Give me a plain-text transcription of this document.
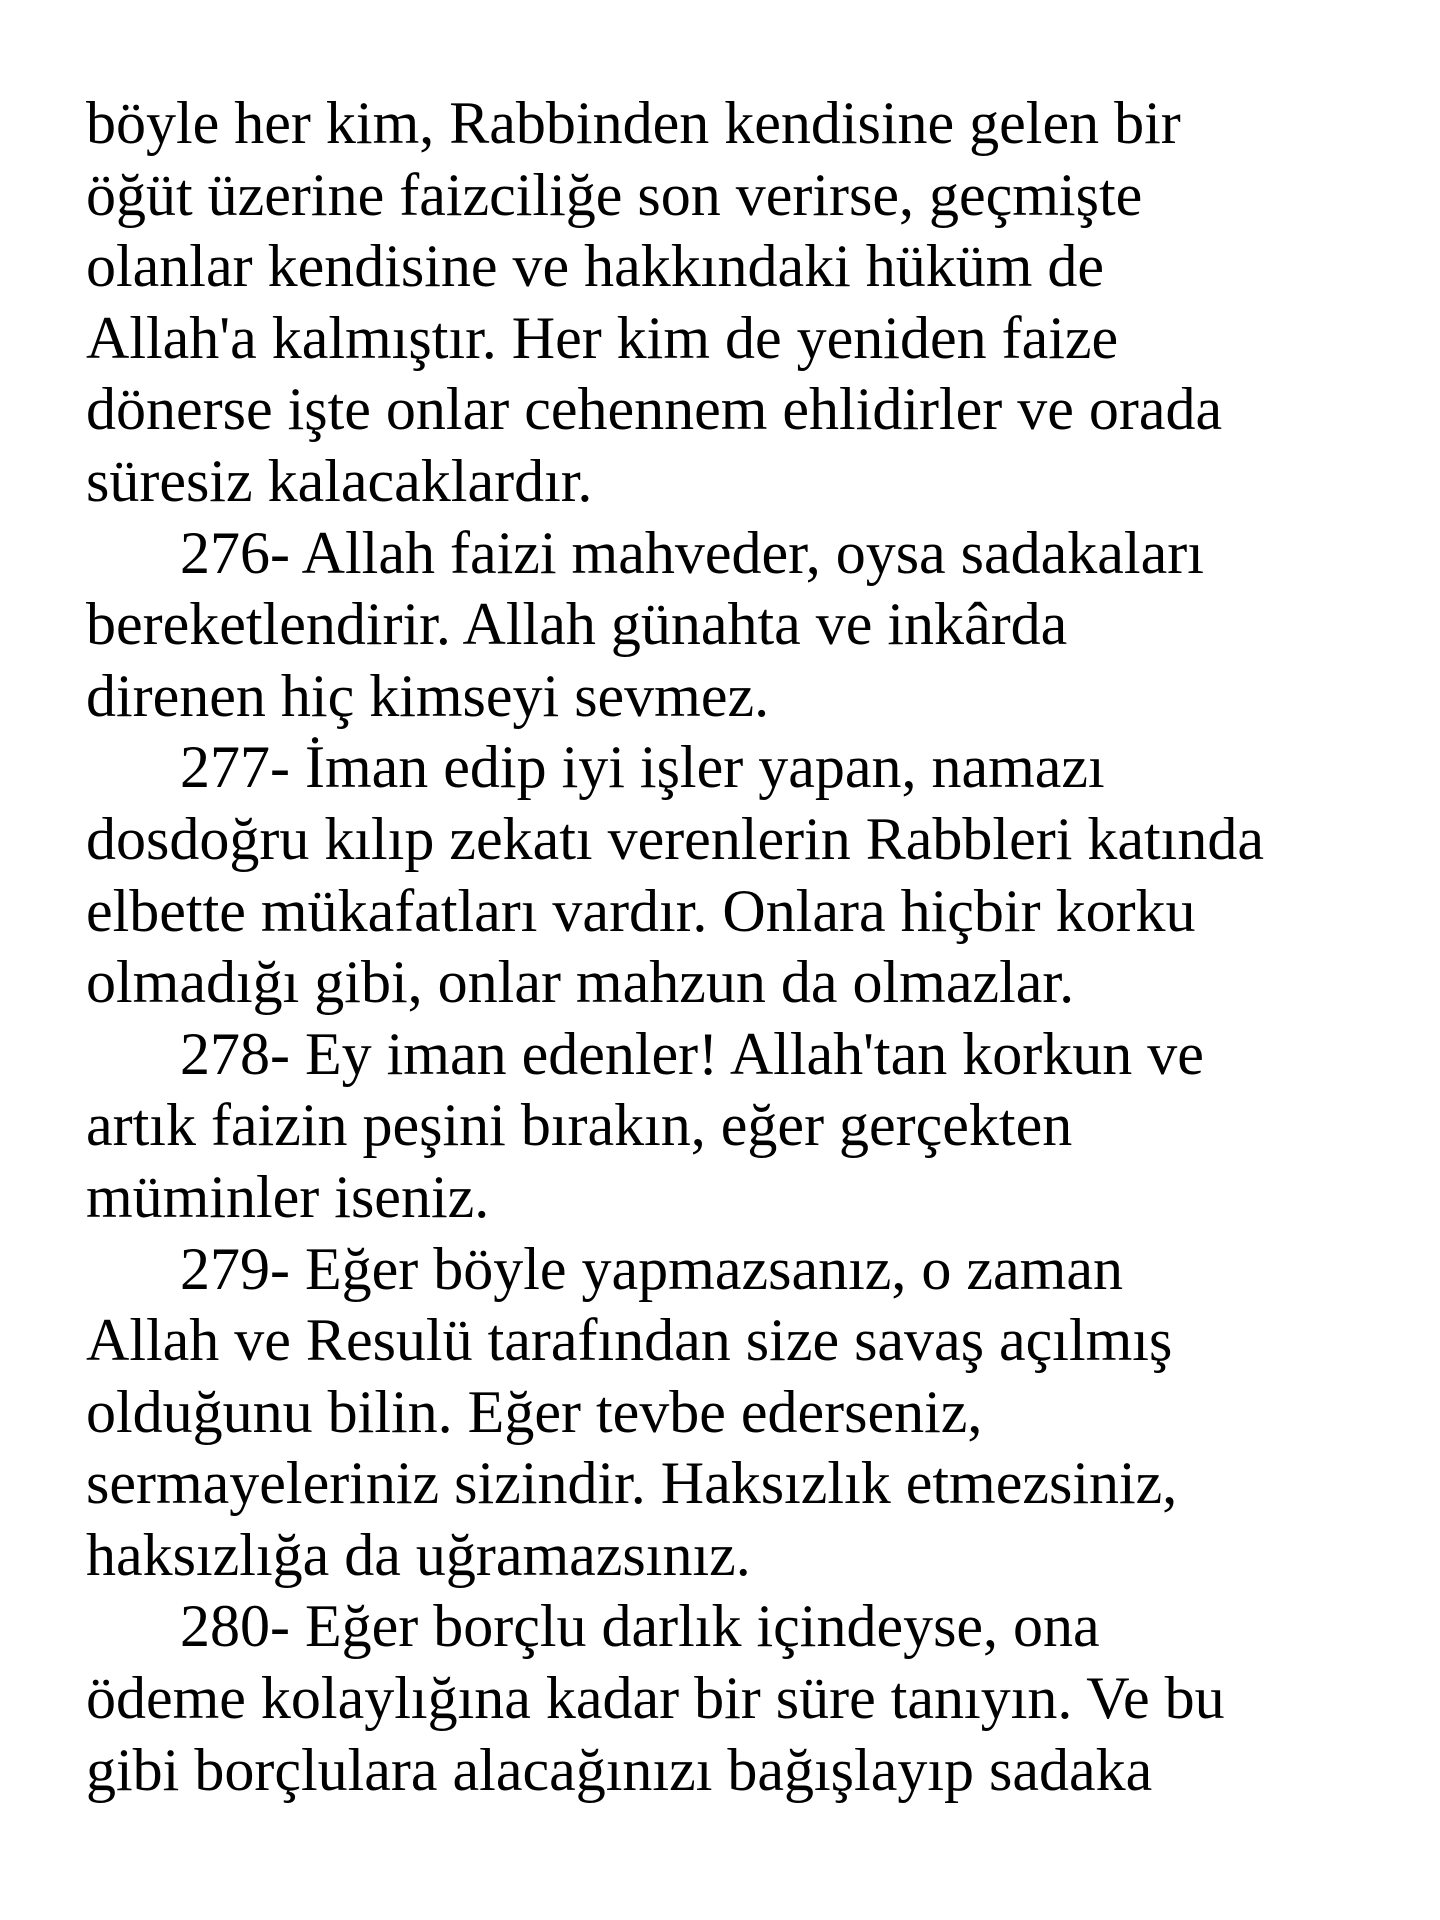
böyle her kim, Rabbinden kendisine gelen bir
öğüt üzerine faizciliğe son verirse, geçmişte
olanlar kendisine ve hakkındaki hüküm de
Allah'a kalmıştır. Her kim de yeniden faize
dönerse işte onlar cehennem ehlidirler ve orada
süresiz kalacaklardır.
276- Allah faizi mahveder, oysa sadakaları
bereketlendirir. Allah günahta ve inkârda
direnen hiç kimseyi sevmez.
277- İman edip iyi işler yapan, namazı
dosdoğru kılıp zekatı verenlerin Rabbleri katında
elbette mükafatları vardır. Onlara hiçbir korku
olmadığı gibi, onlar mahzun da olmazlar.
278- Ey iman edenler! Allah'tan korkun ve
artık faizin peşini bırakın, eğer gerçekten
müminler iseniz.
279- Eğer böyle yapmazsanız, o zaman
Allah ve Resulü tarafından size savaş açılmış
olduğunu bilin. Eğer tevbe ederseniz,
sermayeleriniz sizindir. Haksızlık etmezsiniz,
haksızlığa da uğramazsınız.
280- Eğer borçlu darlık içindeyse, ona
ödeme kolaylığına kadar bir süre tanıyın. Ve bu
gibi borçlulara alacağınızı bağışlayıp sadaka
